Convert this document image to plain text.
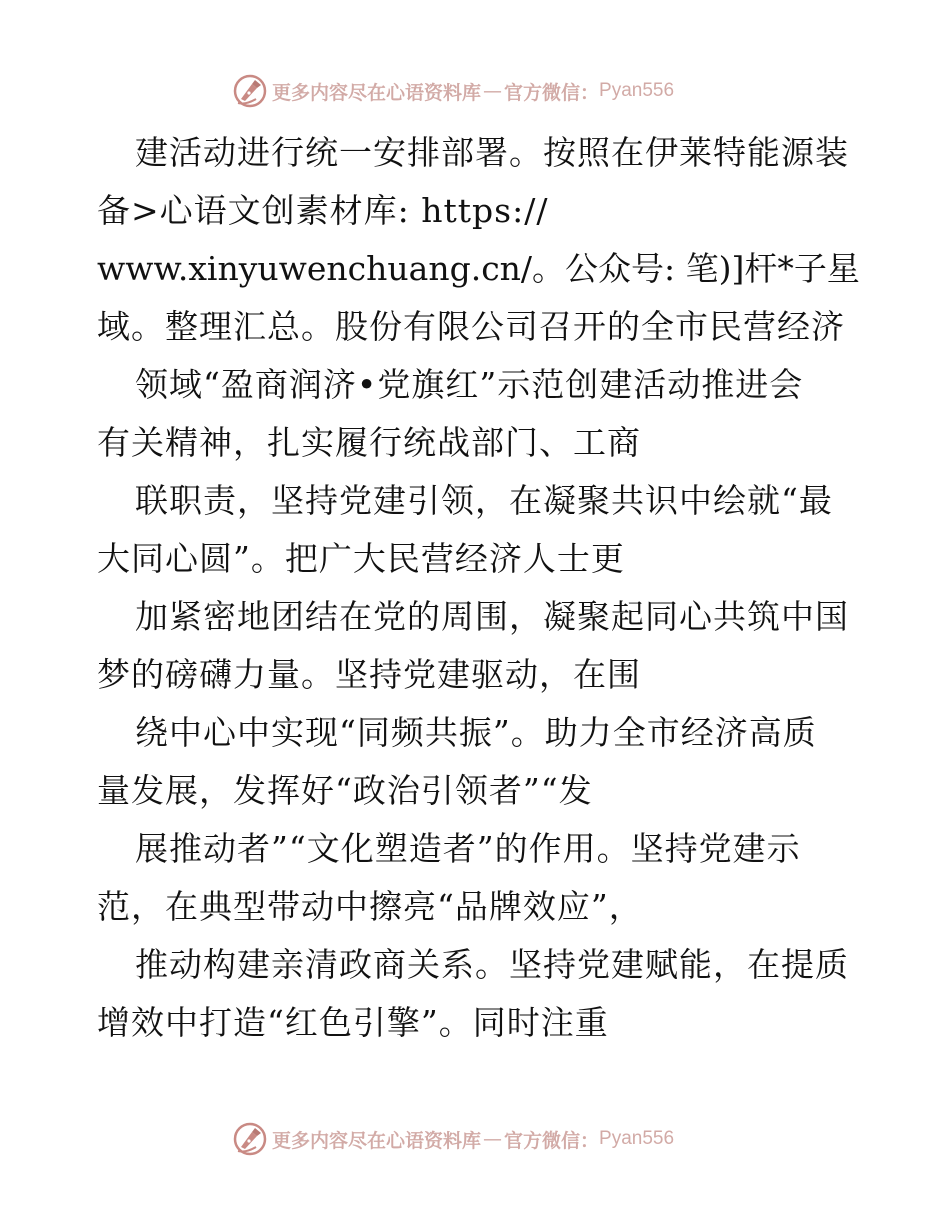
更多内容尽在心语资料库 — 官方微信： Pyan556
建活动进行统一安排部署。按照在伊莱特能源装
备>心语文创素材库: https://
www.xinyuwenchuang.cn/。公众号: 笔)]杆*子星
域。整理汇总。股份有限公司召开的全市民营经济
领域“盈商润济•党旗红”示范创建活动推进会
有关精神，扎实履行统战部门、工商
联职责，坚持党建引领，在凝聚共识中绘就“最
大同心圆”。把广大民营经济人士更
加紧密地团结在党的周围，凝聚起同心共筑中国
梦的磅礴力量。坚持党建驱动，在围
绕中心中实现“同频共振”。助力全市经济高质
量发展，发挥好“政治引领者”“发
展推动者”“文化塑造者”的作用。坚持党建示
范，在典型带动中擦亮“品牌效应”，
推动构建亲清政商关系。坚持党建赋能，在提质
增效中打造“红色引擎”。同时注重
更多内容尽在心语资料库 — 官方微信： Pyan556
